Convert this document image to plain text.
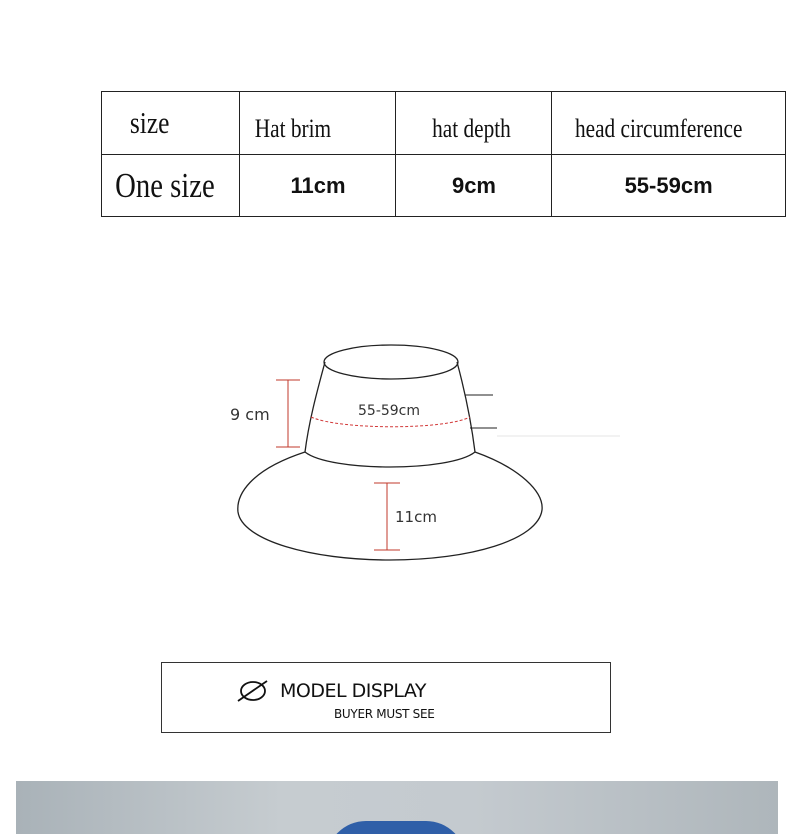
size	Hat brim	hat depth	head circumference
One size	11cm	9cm	55-59cm
9 cm	55-59cm
11cm
MODEL DISPLAY
BUYER MUST SEE
